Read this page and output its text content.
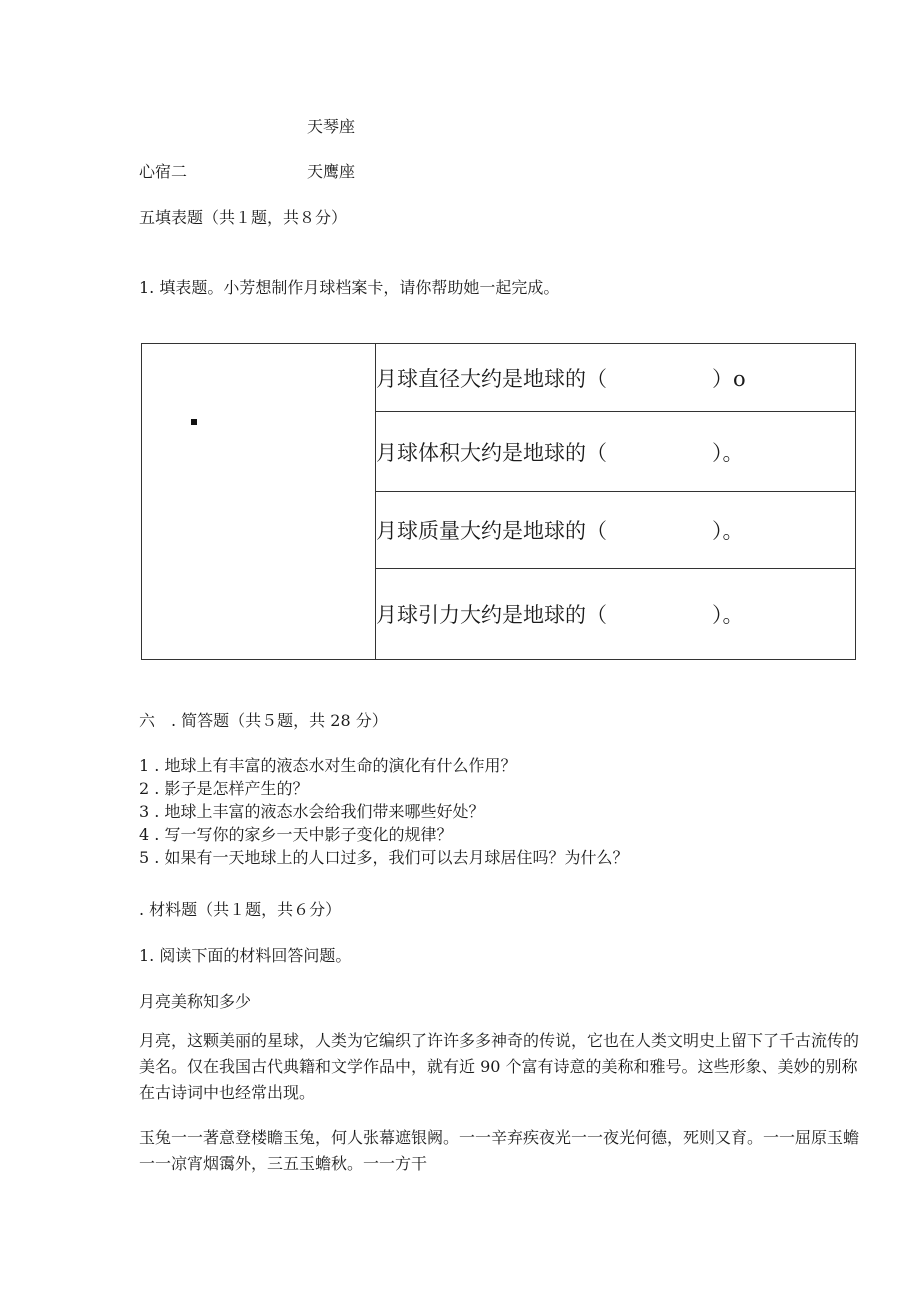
天琴座
心宿二	天鹰座
五填表题（共１题，共８分）
1. 填表题。小芳想制作月球档案卡，请你帮助她一起完成。
	月球直径大约是地球的（　　　　　）o
月球体积大约是地球的（　　　　　）。
月球质量大约是地球的（　　　　　）。
月球引力大约是地球的（　　　　　）。
六　. 简答题（共５题，共 28 分）
1 . 地球上有丰富的液态水对生命的演化有什么作用？
2 . 影子是怎样产生的？
3 . 地球上丰富的液态水会给我们带来哪些好处？
4 . 写一写你的家乡一天中影子变化的规律？
5 . 如果有一天地球上的人口过多，我们可以去月球居住吗？为什么？
. 材料题（共１题，共６分）
1. 阅读下面的材料回答问题。
月亮美称知多少
月亮，这颗美丽的星球，人类为它编织了许许多多神奇的传说，它也在人类文明史上留下了千古流传的美名。仅在我国古代典籍和文学作品中，就有近 90 个富有诗意的美称和雅号。这些形象、美妙的别称在古诗词中也经常出现。
玉兔一一著意登楼瞻玉兔，何人张幕遮银阙。一一辛弃疾夜光一一夜光何德，死则又育。一一屈原玉蟾一一凉宵烟霭外，三五玉蟾秋。一一方干
